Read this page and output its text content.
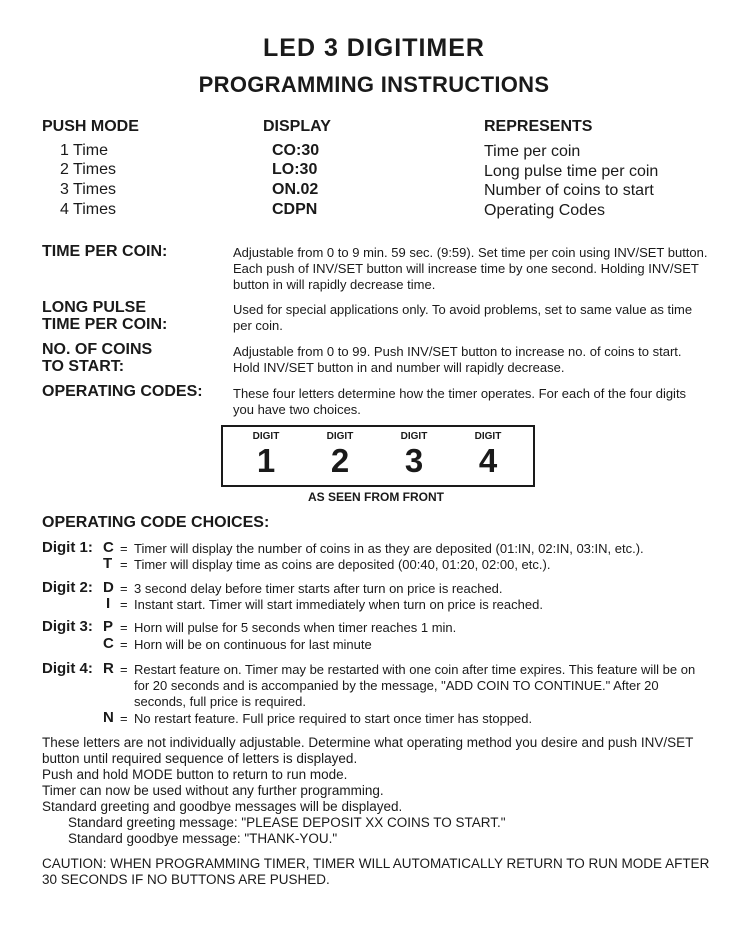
LED 3 DIGITIMER
PROGRAMMING INSTRUCTIONS
PUSH MODE	DISPLAY	REPRESENTS
1 Time	CO:30	Time per coin
2 Times	LO:30	Long pulse time per coin
3 Times	ON.02	Number of coins to start
4 Times	CDPN	Operating Codes
TIME PER COIN:	Adjustable from 0 to 9 min. 59 sec. (9:59). Set time per coin using INV/SET button. Each push of INV/SET button will increase time by one second. Holding INV/SET button in will rapidly decrease time.
LONG PULSE
TIME PER COIN:
Used for special applications only. To avoid problems, set to same value as time per coin.
NO. OF COINS
TO START:
Adjustable from 0 to 99. Push INV/SET button to increase no. of coins to start. Hold INV/SET button in and number will rapidly decrease.
OPERATING CODES: These four letters determine how the timer operates. For each of the four digits you have two choices.
DIGIT
1
DIGIT
2
DIGIT
3
DIGIT
4
AS SEEN FROM FRONT
OPERATING CODE CHOICES:
Digit 1: C = Timer will display the number of coins in as they are deposited (01:IN, 02:IN, 03:IN, etc.).
T = Timer will display time as coins are deposited (00:40, 01:20, 02:00, etc.).
Digit 2: D = 3 second delay before timer starts after turn on price is reached.
I = Instant start. Timer will start immediately when turn on price is reached.
Digit 3: P = Horn will pulse for 5 seconds when timer reaches 1 min.
C = Horn will be on continuous for last minute
Digit 4: R = Restart feature on. Timer may be restarted with one coin after time expires. This feature will be on for 20 seconds and is accompanied by the message, "ADD COIN TO CONTINUE." After 20 seconds, full price is required.
N = No restart feature. Full price required to start once timer has stopped.
These letters are not individually adjustable. Determine what operating method you desire and push INV/SET button until required sequence of letters is displayed.
Push and hold MODE button to return to run mode.
Timer can now be used without any further programming.
Standard greeting and goodbye messages will be displayed.
Standard greeting message: "PLEASE DEPOSIT XX COINS TO START."
Standard goodbye message: "THANK-YOU."
CAUTION: WHEN PROGRAMMING TIMER, TIMER WILL AUTOMATICALLY RETURN TO RUN MODE AFTER 30 SECONDS IF NO BUTTONS ARE PUSHED.
